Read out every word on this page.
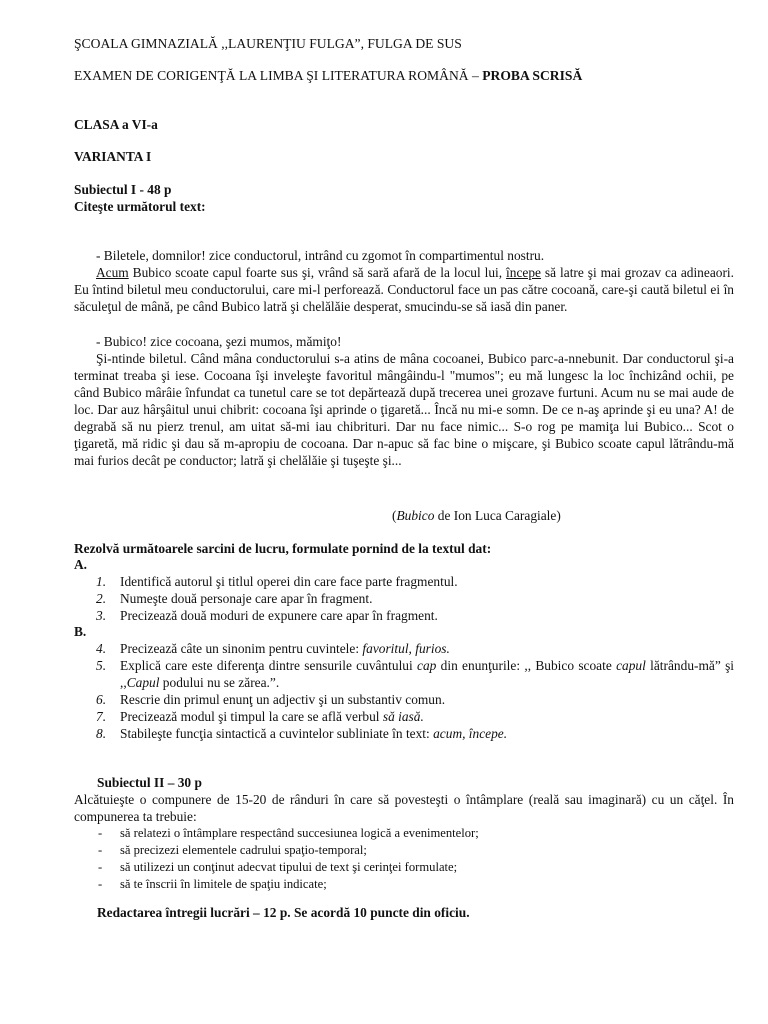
ŞCOALA GIMNAZIALĂ ,,LAURENŢIU FULGA”, FULGA DE SUS
EXAMEN DE CORIGENŢĂ LA LIMBA ŞI LITERATURA ROMÂNĂ – PROBA SCRISĂ
CLASA a VI-a
VARIANTA I
Subiectul I - 48 p
Citeşte următorul text:
- Biletele, domnilor! zice conductorul, intrând cu zgomot în compartimentul nostru.
Acum Bubico scoate capul foarte sus şi, vrând să sară afară de la locul lui, începe să latre şi mai grozav ca adineaori. Eu întind biletul meu conductorului, care mi-l perforează. Conductorul face un pas către cocoană, care-şi caută biletul ei în săculeţul de mână, pe când Bubico latră şi chelălăie desperat, smucindu-se să iasă din paner.
- Bubico! zice cocoana, şezi mumos, mămiţo!
Şi-ntinde biletul. Când mâna conductorului s-a atins de mâna cocoanei, Bubico parc-a-nnebunit. Dar conductorul şi-a terminat treaba şi iese. Cocoana îşi inveleşte favoritul mângâindu-l "mumos"; eu mă lungesc la loc închizând ochii, pe când Bubico mârâie înfundat ca tunetul care se tot depărtează după trecerea unei grozave furtuni. Acum nu se mai aude de loc. Dar auz hârşâitul unui chibrit: cocoana îşi aprinde o ţigaretă... Încă nu mi-e somn. De ce n-aş aprinde şi eu una? A! de degrabă să nu pierz trenul, am uitat să-mi iau chibrituri. Dar nu face nimic... S-o rog pe mamiţa lui Bubico... Scot o ţigaretă, mă ridic şi dau să m-apropiu de cocoana. Dar n-apuc să fac bine o mişcare, şi Bubico scoate capul lătrându-mă mai furios decât pe conductor; latră şi chelălăie şi tuşeşte şi...
(Bubico de Ion Luca Caragiale)
Rezolvă următoarele sarcini de lucru, formulate pornind de la textul dat:
A.
1. Identifică autorul şi titlul operei din care face parte fragmentul.
2. Numeşte două personaje care apar în fragment.
3. Precizează două moduri de expunere care apar în fragment.
B.
4. Precizează câte un sinonim pentru cuvintele: favoritul, furios.
5. Explică care este diferenţa dintre sensurile cuvântului cap din enunţurile: ,, Bubico scoate capul lătrându-mă” şi ,,Capul podului nu se zărea.”.
6. Rescrie din primul enunţ un adjectiv şi un substantiv comun.
7. Precizează modul şi timpul la care se află verbul să iasă.
8. Stabileşte funcţia sintactică a cuvintelor subliniate în text: acum, începe.
Subiectul II – 30 p
Alcătuieşte o compunere de 15-20 de rânduri în care să povesteşti o întâmplare (reală sau imaginară) cu un căţel. În compunerea ta trebuie:
- să relatezi o întâmplare respectând succesiunea logică a evenimentelor;
- să precizezi elementele cadrului spaţio-temporal;
- să utilizezi un conţinut adecvat tipului de text şi cerinţei formulate;
- să te înscrii în limitele de spaţiu indicate;
Redactarea întregii lucrări – 12 p. Se acordă 10 puncte din oficiu.
